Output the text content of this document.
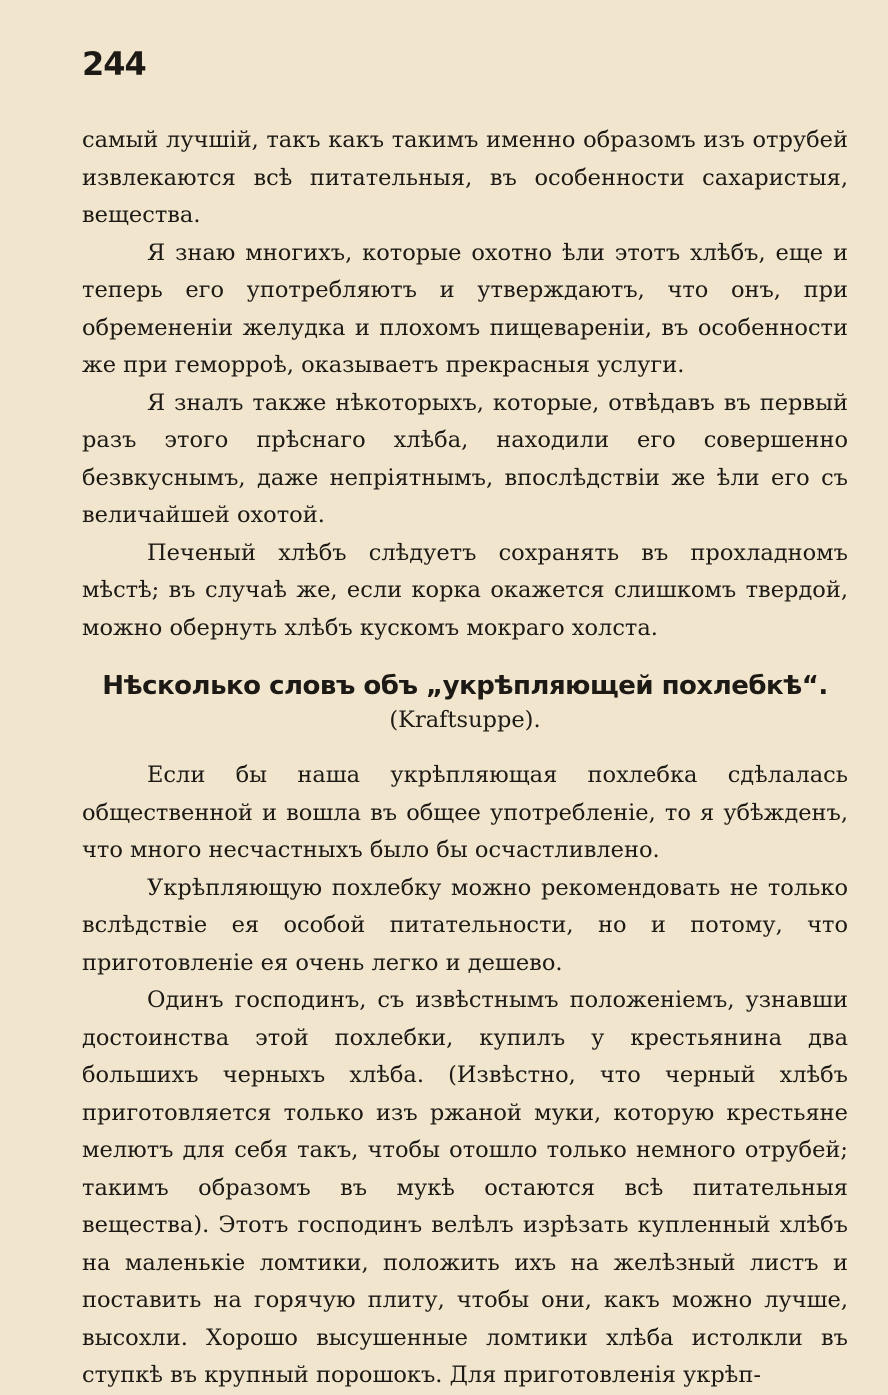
244

самый лучшій, такъ какъ такимъ именно образомъ изъ отрубей извлекаются всѣ питательныя, въ особенности сахаристыя, вещества.

Я знаю многихъ, которые охотно ѣли этотъ хлѣбъ, еще и теперь его употребляютъ и утверждаютъ, что онъ, при обремененіи желудка и плохомъ пищевареніи, въ особенности же при геморроѣ, оказываетъ прекрасныя услуги.

Я зналъ также нѣкоторыхъ, которые, отвѣдавъ въ первый разъ этого прѣснаго хлѣба, находили его совершенно безвкуснымъ, даже непріятнымъ, впослѣдствіи же ѣли его съ величайшей охотой.

Печеный хлѣбъ слѣдуетъ сохранять въ прохладномъ мѣстѣ; въ случаѣ же, если корка окажется слишкомъ твердой, можно обернуть хлѣбъ кускомъ мокраго холста.

Нѣсколько словъ объ „укрѣпляющей похлебкѣ“.
(Kraftsuppe).

Если бы наша укрѣпляющая похлебка сдѣлалась общественной и вошла въ общее употребленіе, то я убѣжденъ, что много несчастныхъ было бы осчастливлено.

Укрѣпляющую похлебку можно рекомендовать не только вслѣдствіе ея особой питательности, но и потому, что приготовленіе ея очень легко и дешево.

Одинъ господинъ, съ извѣстнымъ положеніемъ, узнавши достоинства этой похлебки, купилъ у крестьянина два большихъ черныхъ хлѣба. (Извѣстно, что черный хлѣбъ приготовляется только изъ ржаной муки, которую крестьяне мелютъ для себя такъ, чтобы отошло только немного отрубей; такимъ образомъ въ мукѣ остаются всѣ питательныя вещества). Этотъ господинъ велѣлъ изрѣзать купленный хлѣбъ на маленькіе ломтики, положить ихъ на желѣзный листъ и поставить на горячую плиту, чтобы они, какъ можно лучше, высохли. Хорошо высушенные ломтики хлѣба истолкли въ ступкѣ въ крупный порошокъ. Для приготовленія укрѣп-
